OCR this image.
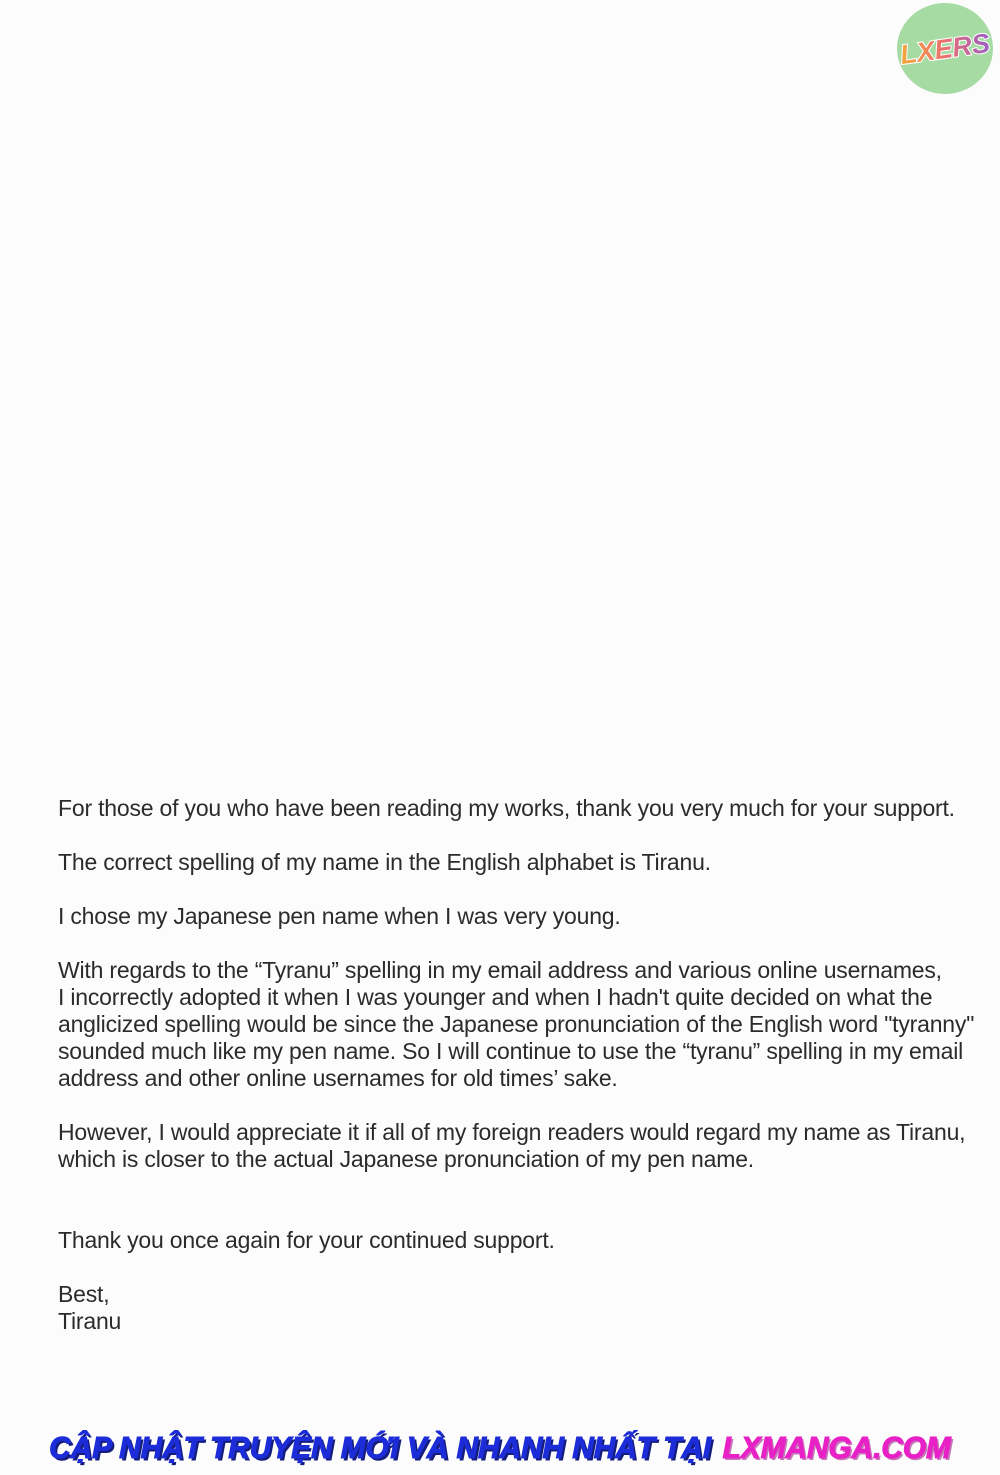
LXERS
For those of you who have been reading my works, thank you very much for your support.
The correct spelling of my name in the English alphabet is Tiranu.
I chose my Japanese pen name when I was very young.
With regards to the “Tyranu” spelling in my email address and various online usernames,
I incorrectly adopted it when I was younger and when I hadn't quite decided on what the
anglicized spelling would be since the Japanese pronunciation of the English word "tyranny"
sounded much like my pen name. So I will continue to use the “tyranu” spelling in my email
address and other online usernames for old times’ sake.
However, I would appreciate it if all of my foreign readers would regard my name as Tiranu,
which is closer to the actual Japanese pronunciation of my pen name.
Thank you once again for your continued support.
Best,
Tiranu
CẬP NHẬT TRUYỆN MỚI VÀ NHANH NHẤT TẠI LXMANGA.COM
